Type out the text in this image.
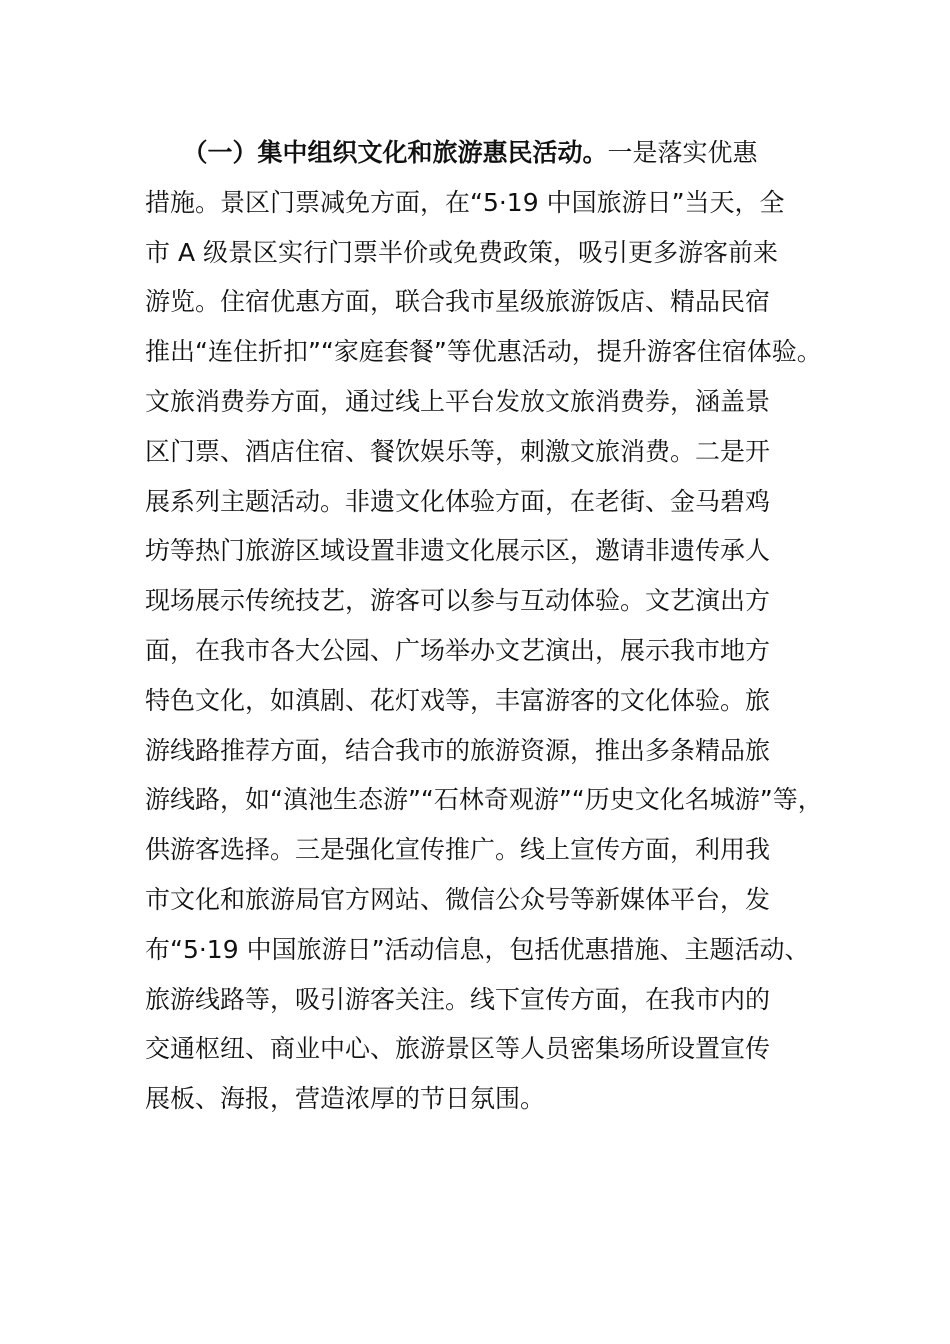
　　（一）集中组织文化和旅游惠民活动。一是落实优惠
措施。景区门票减免方面，在“5·19 中国旅游日”当天，全
市 A 级景区实行门票半价或免费政策，吸引更多游客前来
游览。住宿优惠方面，联合我市星级旅游饭店、精品民宿
推出“连住折扣”“家庭套餐”等优惠活动，提升游客住宿体验。
文旅消费券方面，通过线上平台发放文旅消费券，涵盖景
区门票、酒店住宿、餐饮娱乐等，刺激文旅消费。二是开
展系列主题活动。非遗文化体验方面，在老街、金马碧鸡
坊等热门旅游区域设置非遗文化展示区，邀请非遗传承人
现场展示传统技艺，游客可以参与互动体验。文艺演出方
面，在我市各大公园、广场举办文艺演出，展示我市地方
特色文化，如滇剧、花灯戏等，丰富游客的文化体验。旅
游线路推荐方面，结合我市的旅游资源，推出多条精品旅
游线路，如“滇池生态游”“石林奇观游”“历史文化名城游”等，
供游客选择。三是强化宣传推广。线上宣传方面，利用我
市文化和旅游局官方网站、微信公众号等新媒体平台，发
布“5·19 中国旅游日”活动信息，包括优惠措施、主题活动、
旅游线路等，吸引游客关注。线下宣传方面，在我市内的
交通枢纽、商业中心、旅游景区等人员密集场所设置宣传
展板、海报，营造浓厚的节日氛围。
